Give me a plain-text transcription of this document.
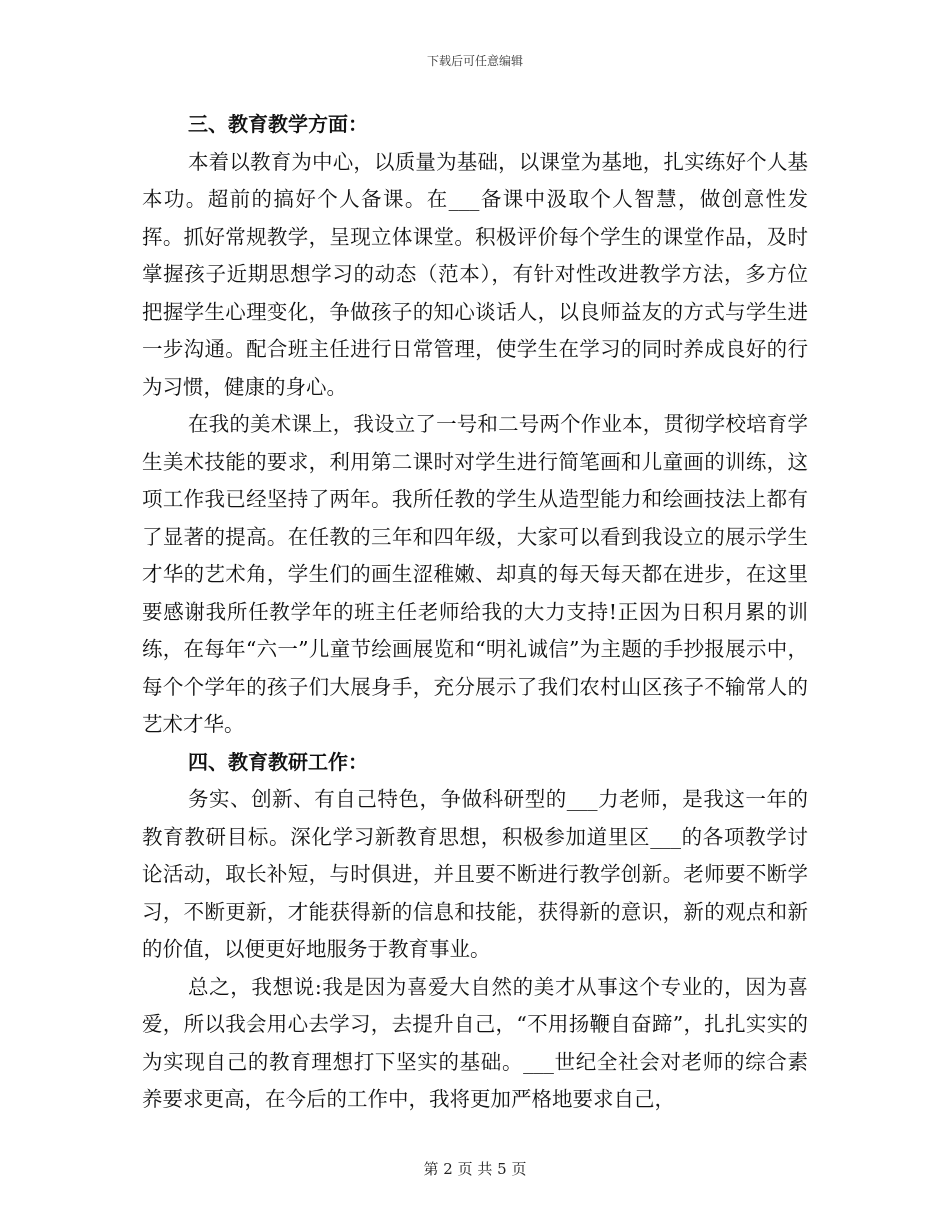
下载后可任意编辑

三、教育教学方面：

本着以教育为中心，以质量为基础，以课堂为基地，扎实练好个人基本功。超前的搞好个人备课。在___备课中汲取个人智慧，做创意性发挥。抓好常规教学，呈现立体课堂。积极评价每个学生的课堂作品，及时掌握孩子近期思想学习的动态（范本），有针对性改进教学方法，多方位把握学生心理变化，争做孩子的知心谈话人，以良师益友的方式与学生进一步沟通。配合班主任进行日常管理，使学生在学习的同时养成良好的行为习惯，健康的身心。

在我的美术课上，我设立了一号和二号两个作业本，贯彻学校培育学生美术技能的要求，利用第二课时对学生进行简笔画和儿童画的训练，这项工作我已经坚持了两年。我所任教的学生从造型能力和绘画技法上都有了显著的提高。在任教的三年和四年级，大家可以看到我设立的展示学生才华的艺术角，学生们的画生涩稚嫩、却真的每天每天都在进步，在这里要感谢我所任教学年的班主任老师给我的大力支持!正因为日积月累的训练，在每年“六一”儿童节绘画展览和“明礼诚信”为主题的手抄报展示中，每个个学年的孩子们大展身手，充分展示了我们农村山区孩子不输常人的艺术才华。

四、教育教研工作：

务实、创新、有自己特色，争做科研型的___力老师，是我这一年的教育教研目标。深化学习新教育思想，积极参加道里区___的各项教学讨论活动，取长补短，与时俱进，并且要不断进行教学创新。老师要不断学习，不断更新，才能获得新的信息和技能，获得新的意识，新的观点和新的价值，以便更好地服务于教育事业。

总之，我想说:我是因为喜爱大自然的美才从事这个专业的，因为喜爱，所以我会用心去学习，去提升自己，“不用扬鞭自奋蹄”，扎扎实实的为实现自己的教育理想打下坚实的基础。___世纪全社会对老师的综合素养要求更高，在今后的工作中，我将更加严格地要求自己，

第 2 页 共 5 页
